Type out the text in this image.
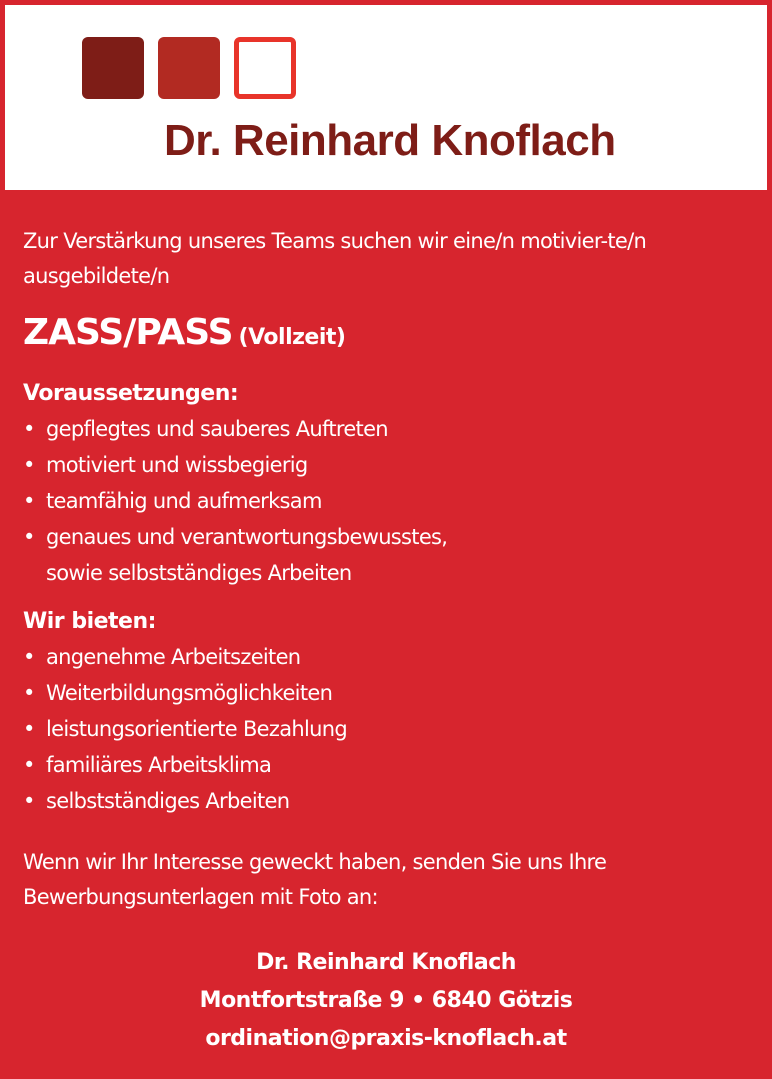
Dr. Reinhard Knoflach

Zur Verstärkung unseres Teams suchen wir eine/n motivier-te/n ausgebildete/n

ZASS/PASS (Vollzeit)
Voraussetzungen:
• gepflegtes und sauberes Auftreten
• motiviert und wissbegierig
• teamfähig und aufmerksam
• genaues und verantwortungsbewusstes,
sowie selbstständiges Arbeiten
Wir bieten:
• angenehme Arbeitszeiten
• Weiterbildungsmöglichkeiten
• leistungsorientierte Bezahlung
• familiäres Arbeitsklima
• selbstständiges Arbeiten

Wenn wir Ihr Interesse geweckt haben, senden Sie uns Ihre Bewerbungsunterlagen mit Foto an:

Dr. Reinhard Knoflach
Montfortstraße 9 • 6840 Götzis
ordination@praxis-knoflach.at
